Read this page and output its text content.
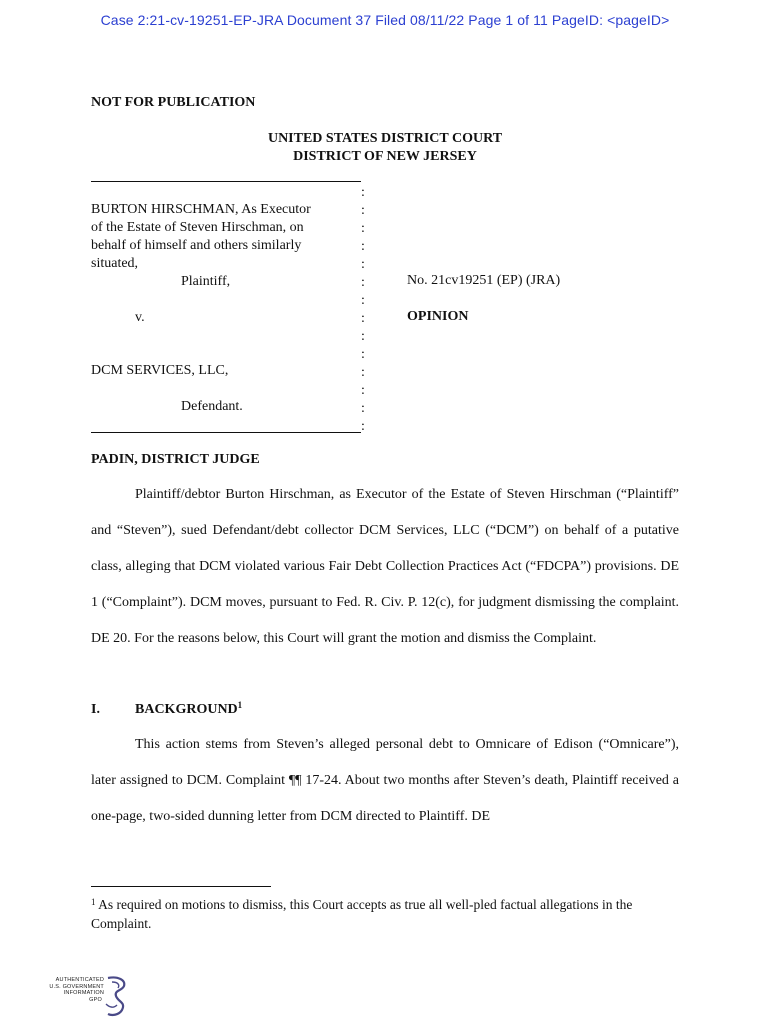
Case 2:21-cv-19251-EP-JRA Document 37 Filed 08/11/22 Page 1 of 11 PageID: <pageID>
NOT FOR PUBLICATION
UNITED STATES DISTRICT COURT
DISTRICT OF NEW JERSEY
BURTON HIRSCHMAN, As Executor
of the Estate of Steven Hirschman, on
behalf of himself and others similarly
situated,
Plaintiff,
v.
DCM SERVICES, LLC,
Defendant.
:
:
:
:
:
:
:
:
:
:
:
:
:
:
No. 21cv19251 (EP) (JRA)
OPINION
PADIN, DISTRICT JUDGE
Plaintiff/debtor Burton Hirschman, as Executor of the Estate of Steven Hirschman (“Plaintiff” and “Steven”), sued Defendant/debt collector DCM Services, LLC (“DCM”) on behalf of a putative class, alleging that DCM violated various Fair Debt Collection Practices Act (“FDCPA”) provisions. DE 1 (“Complaint”). DCM moves, pursuant to Fed. R. Civ. P. 12(c), for judgment dismissing the complaint. DE 20. For the reasons below, this Court will grant the motion and dismiss the Complaint.
I.	BACKGROUND$^1$
This action stems from Steven’s alleged personal debt to Omnicare of Edison (“Omnicare”), later assigned to DCM. Complaint ¶¶ 17-24. About two months after Steven’s death, Plaintiff received a one-page, two-sided dunning letter from DCM directed to Plaintiff. DE
$^1$ As required on motions to dismiss, this Court accepts as true all well-pled factual allegations in the Complaint.
AUTHENTICATED
U.S. GOVERNMENT
INFORMATION
GPO
